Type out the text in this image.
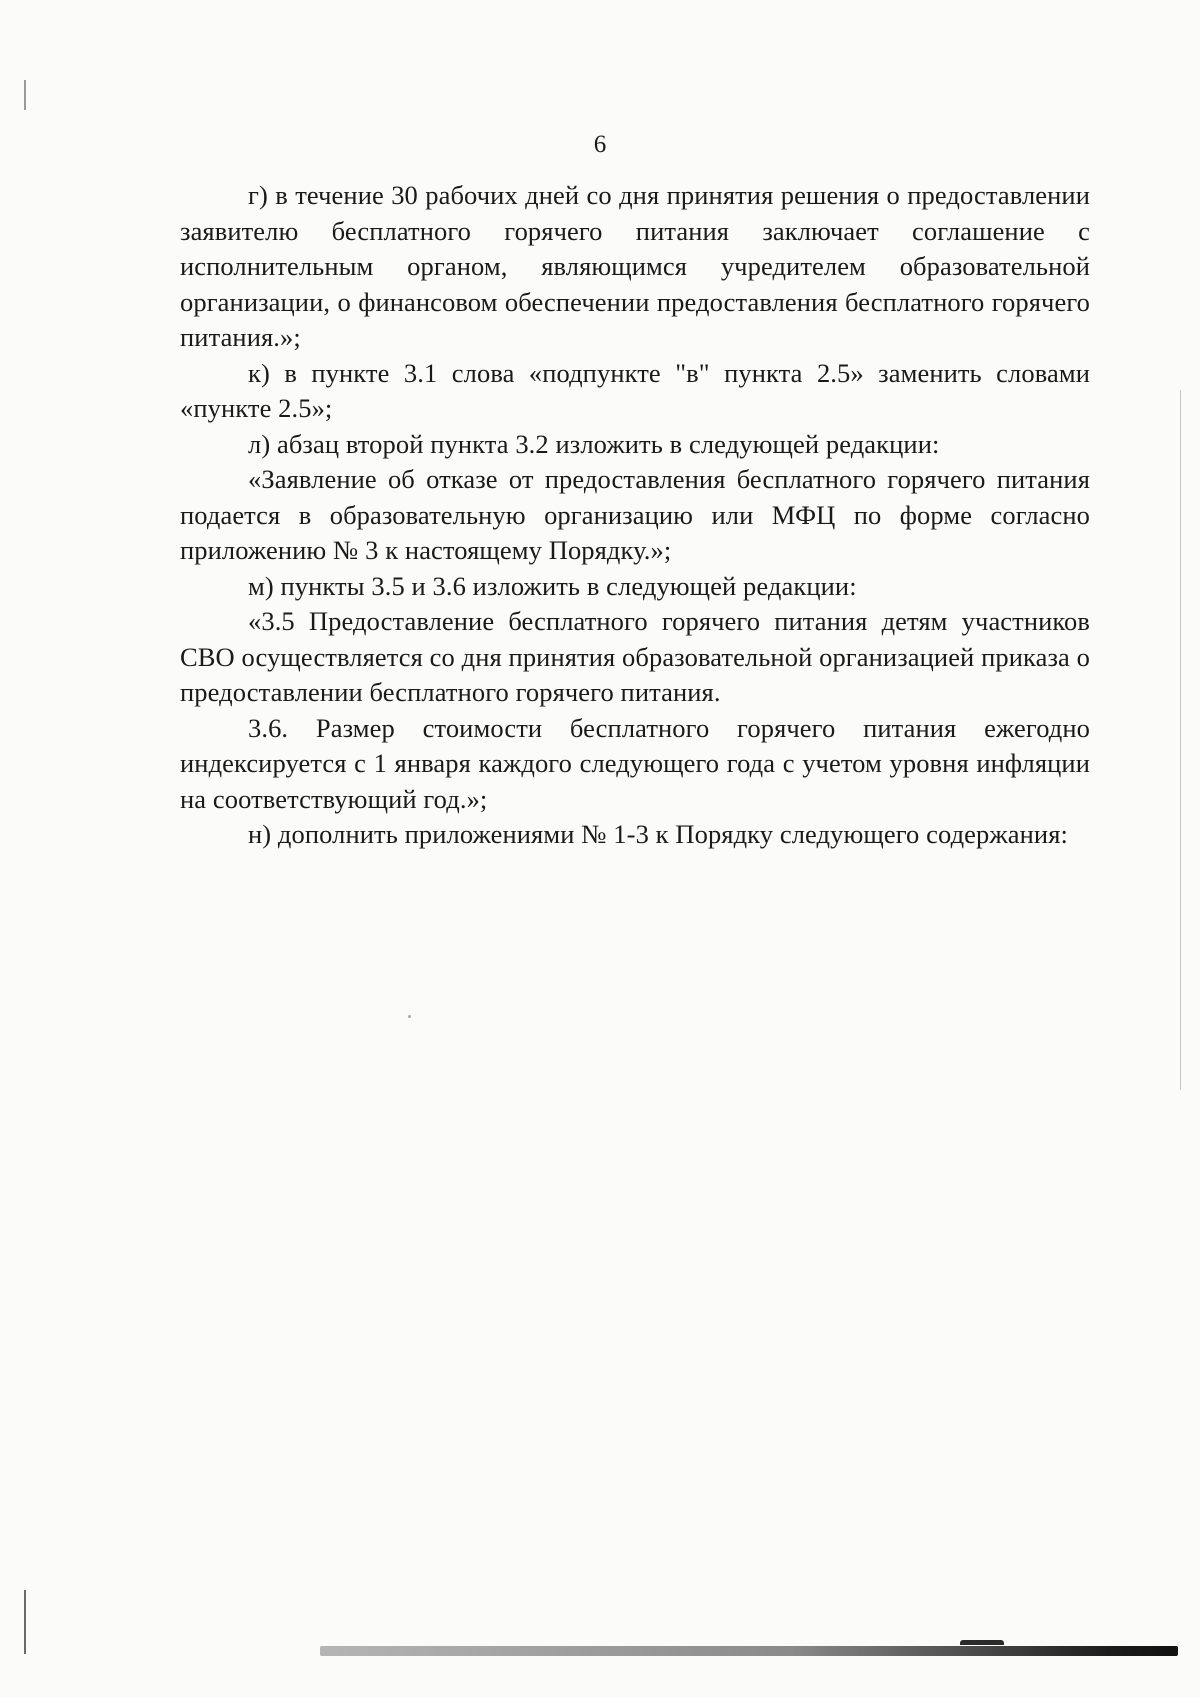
6

г) в течение 30 рабочих дней со дня принятия решения о предоставлении заявителю бесплатного горячего питания заключает соглашение с исполнительным органом, являющимся учредителем образовательной организации, о финансовом обеспечении предоставления бесплатного горячего питания.»;

к) в пункте 3.1 слова «подпункте "в" пункта 2.5» заменить словами «пункте 2.5»;

л) абзац второй пункта 3.2 изложить в следующей редакции:

«Заявление об отказе от предоставления бесплатного горячего питания подается в образовательную организацию или МФЦ по форме согласно приложению № 3 к настоящему Порядку.»;

м) пункты 3.5 и 3.6 изложить в следующей редакции:

«3.5 Предоставление бесплатного горячего питания детям участников СВО осуществляется со дня принятия образовательной организацией приказа о предоставлении бесплатного горячего питания.

3.6. Размер стоимости бесплатного горячего питания ежегодно индексируется с 1 января каждого следующего года с учетом уровня инфляции на соответствующий год.»;

н) дополнить приложениями № 1-3 к Порядку следующего содержания:
